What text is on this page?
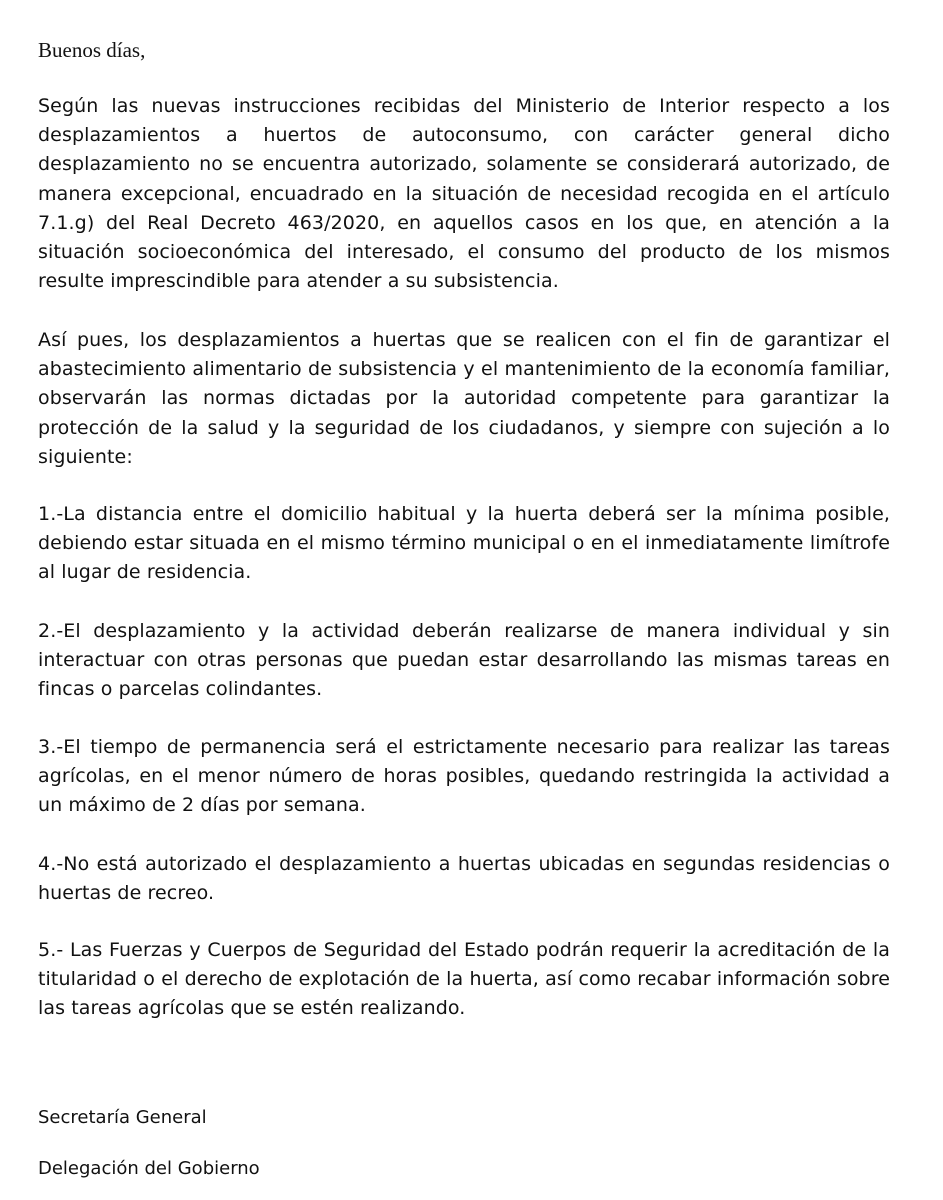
Buenos días,

Según las nuevas instrucciones recibidas del Ministerio de Interior respecto a los desplazamientos a huertos de autoconsumo, con carácter general dicho desplazamiento no se encuentra autorizado, solamente se considerará autorizado, de manera excepcional, encuadrado en la situación de necesidad recogida en el artículo 7.1.g) del Real Decreto 463/2020, en aquellos casos en los que, en atención a la situación socioeconómica del interesado, el consumo del producto de los mismos resulte imprescindible para atender a su subsistencia.

Así pues, los desplazamientos a huertas que se realicen con el fin de garantizar el abastecimiento alimentario de subsistencia y el mantenimiento de la economía familiar, observarán las normas dictadas por la autoridad competente para garantizar la protección de la salud y la seguridad de los ciudadanos, y siempre con sujeción a lo siguiente:

1.-La distancia entre el domicilio habitual y la huerta deberá ser la mínima posible, debiendo estar situada en el mismo término municipal o en el inmediatamente limítrofe al lugar de residencia.

2.-El desplazamiento y la actividad deberán realizarse de manera individual y sin interactuar con otras personas que puedan estar desarrollando las mismas tareas en fincas o parcelas colindantes.

3.-El tiempo de permanencia será el estrictamente necesario para realizar las tareas agrícolas, en el menor número de horas posibles, quedando restringida la actividad a un máximo de 2 días por semana.

4.-No está autorizado el desplazamiento a huertas ubicadas en segundas residencias o huertas de recreo.

5.- Las Fuerzas y Cuerpos de Seguridad del Estado podrán requerir la acreditación de la titularidad o el derecho de explotación de la huerta, así como recabar información sobre las tareas agrícolas que se estén realizando.

Secretaría General

Delegación del Gobierno
